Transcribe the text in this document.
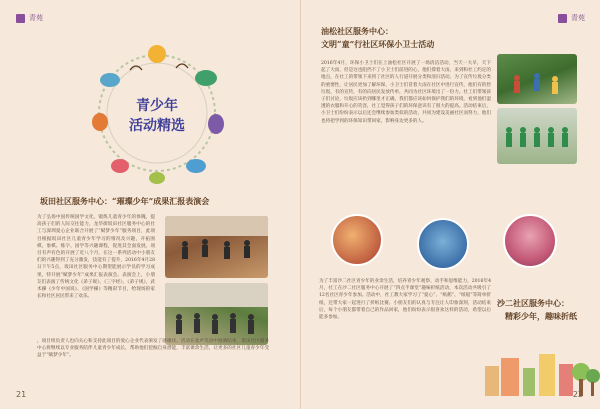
青苑
青少年
活动精选
坂田社区服务中心：“璀璨少年”成果汇报表演会
为了弘扬中国传统国学文化，锻炼儿童青少年的体魄，提高孩子们的人际交往能力，龙华街坂田社区服务中心的社工与深圳爱心企业联合开展了“赋梦少年”服务项目，此项目根据坂田社区儿童青少年学习的情况及兴趣，开拓围棋、象棋、练字、国学等兴趣课程，促进其全面发展。项目有声有色的开展了近八个月，在这一系列活动中小朋友们的兴趣得到了充分激发，技能有了提升，2016年4月28日下午5点，坂田社区服务中心期望能展示学员的学习成果，特开展“赋梦少年”成果汇报表演会。表演会上，小朋友们表演了传统文化《弟子规》、《三字经》、《弟子规》，武术操《少年中国说》、《国学操》等精彩节目，给现场的家长和社区居民带来了欢乐。
，项目组负责人也向关心和支持此项目的爱心企业代表颁发了感谢状。活动在欢声笑语中圆满结束，坂田社区服务中心将继续以专业服务陪伴儿童青少年成长，帮助他们挖掘自身潜能，丰富课余生活，让更多的社区儿童青少年受益于“赋梦少年”。
21
青苑
油松社区服务中心：
文明“童”行社区环保小卫士活动
2016年4月，环保小卫士们在上油松社区开展了一场清洁活动，当天一大早，天下起了大雨，但是这也阻挡不了小卫士们前进的心，他们撑着大雨，来到和社工约定的地点，在社工的带领下来到了社区的人行道开展分类和清扫活动。为了宣传垃圾分类的重要性，让居民更加了解环保，小卫士们冒着大雨在社区中进行宣传，他们有的捡垃圾，有的宣传，有的向居民发放传单，共同为社区环境出了一份力。社工们带领孩子们讨论，垃圾应该扔到哪里才正确，我们都应该如何保护我们的环境，看到他们湿透的衣服和开心的笑容，社工觉得孩子们的环保意识有了很大的提高。活动结束后，小卫士们纷纷表示以后还会继续参加类似的活动，共同为建设美丽社区而努力，他们也将把学到的环保知识带回家，影响身边更多的人。
为了丰富沙二社区青少年的业余生活，培养青少年观察、动手和思维能力，2016年4月，社工在沙二社区服务中心开展了“四点半课堂”趣味折纸活动，本次活动共吸引了12名社区青少年参加。活动中，社工教大家学习了“爱心”、“纸鹤”、“纸船”等简单折纸，还带大家一起进行了折纸比赛。小朋友们的认真与专注让人印象深刻，活动结束后，每个小朋友都带着自己的作品回家，他们纷纷表示很喜欢这样的活动，希望以后能多参加。
沙二社区服务中心：
精彩少年，趣味折纸
22
